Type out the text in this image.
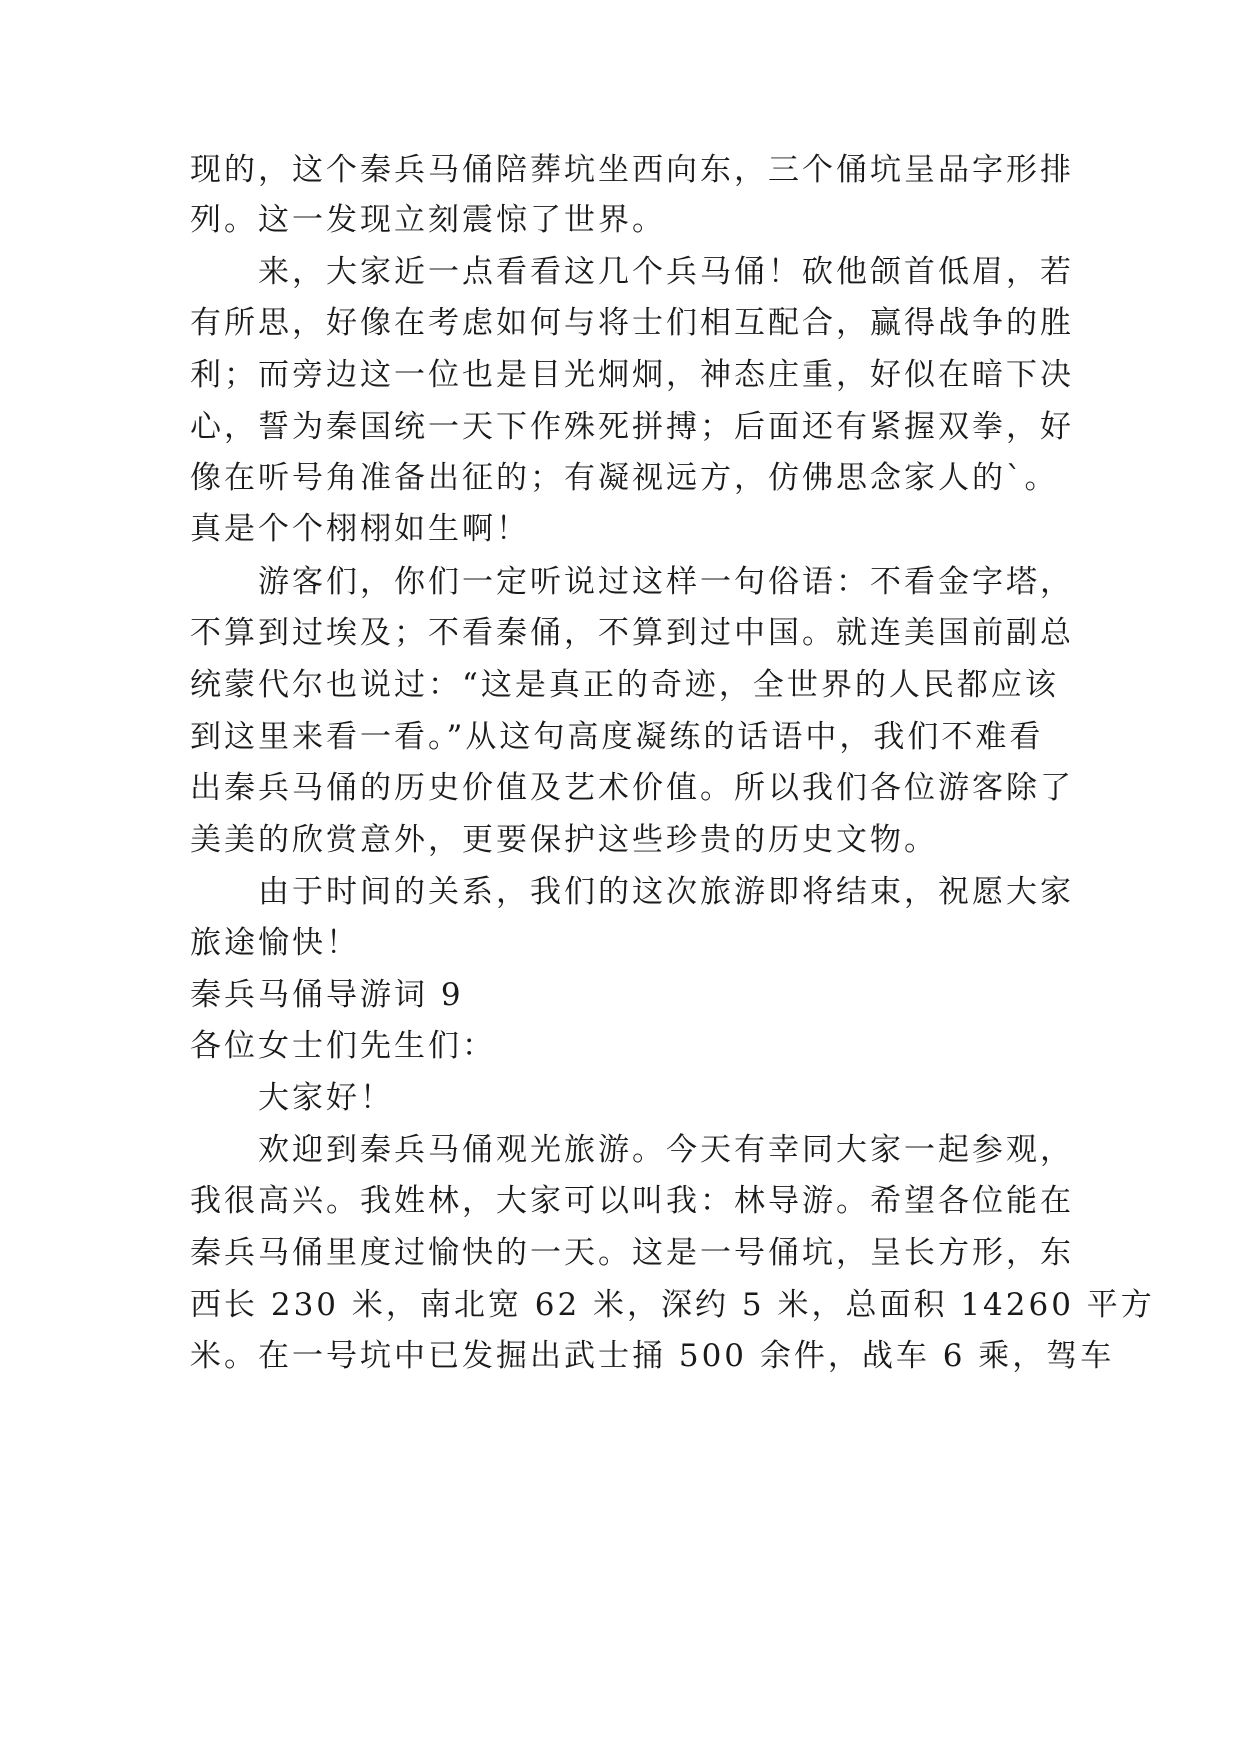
现的，这个秦兵马俑陪葬坑坐西向东，三个俑坑呈品字形排
列。这一发现立刻震惊了世界。
来，大家近一点看看这几个兵马俑！砍他颌首低眉，若
有所思，好像在考虑如何与将士们相互配合，赢得战争的胜
利；而旁边这一位也是目光炯炯，神态庄重，好似在暗下决
心，誓为秦国统一天下作殊死拼搏；后面还有紧握双拳，好
像在听号角准备出征的；有凝视远方，仿佛思念家人的`。
真是个个栩栩如生啊！
游客们，你们一定听说过这样一句俗语：不看金字塔，
不算到过埃及；不看秦俑，不算到过中国。就连美国前副总
统蒙代尔也说过：“这是真正的奇迹，全世界的人民都应该
到这里来看一看。”从这句高度凝练的话语中，我们不难看
出秦兵马俑的历史价值及艺术价值。所以我们各位游客除了
美美的欣赏意外，更要保护这些珍贵的历史文物。
由于时间的关系，我们的这次旅游即将结束，祝愿大家
旅途愉快！
秦兵马俑导游词 9
各位女士们先生们：
大家好！
欢迎到秦兵马俑观光旅游。今天有幸同大家一起参观，
我很高兴。我姓林，大家可以叫我：林导游。希望各位能在
秦兵马俑里度过愉快的一天。这是一号俑坑，呈长方形，东
西长 230 米，南北宽 62 米，深约 5 米，总面积 14260 平方
米。在一号坑中已发掘出武士捅 500 余件，战车 6 乘，驾车
